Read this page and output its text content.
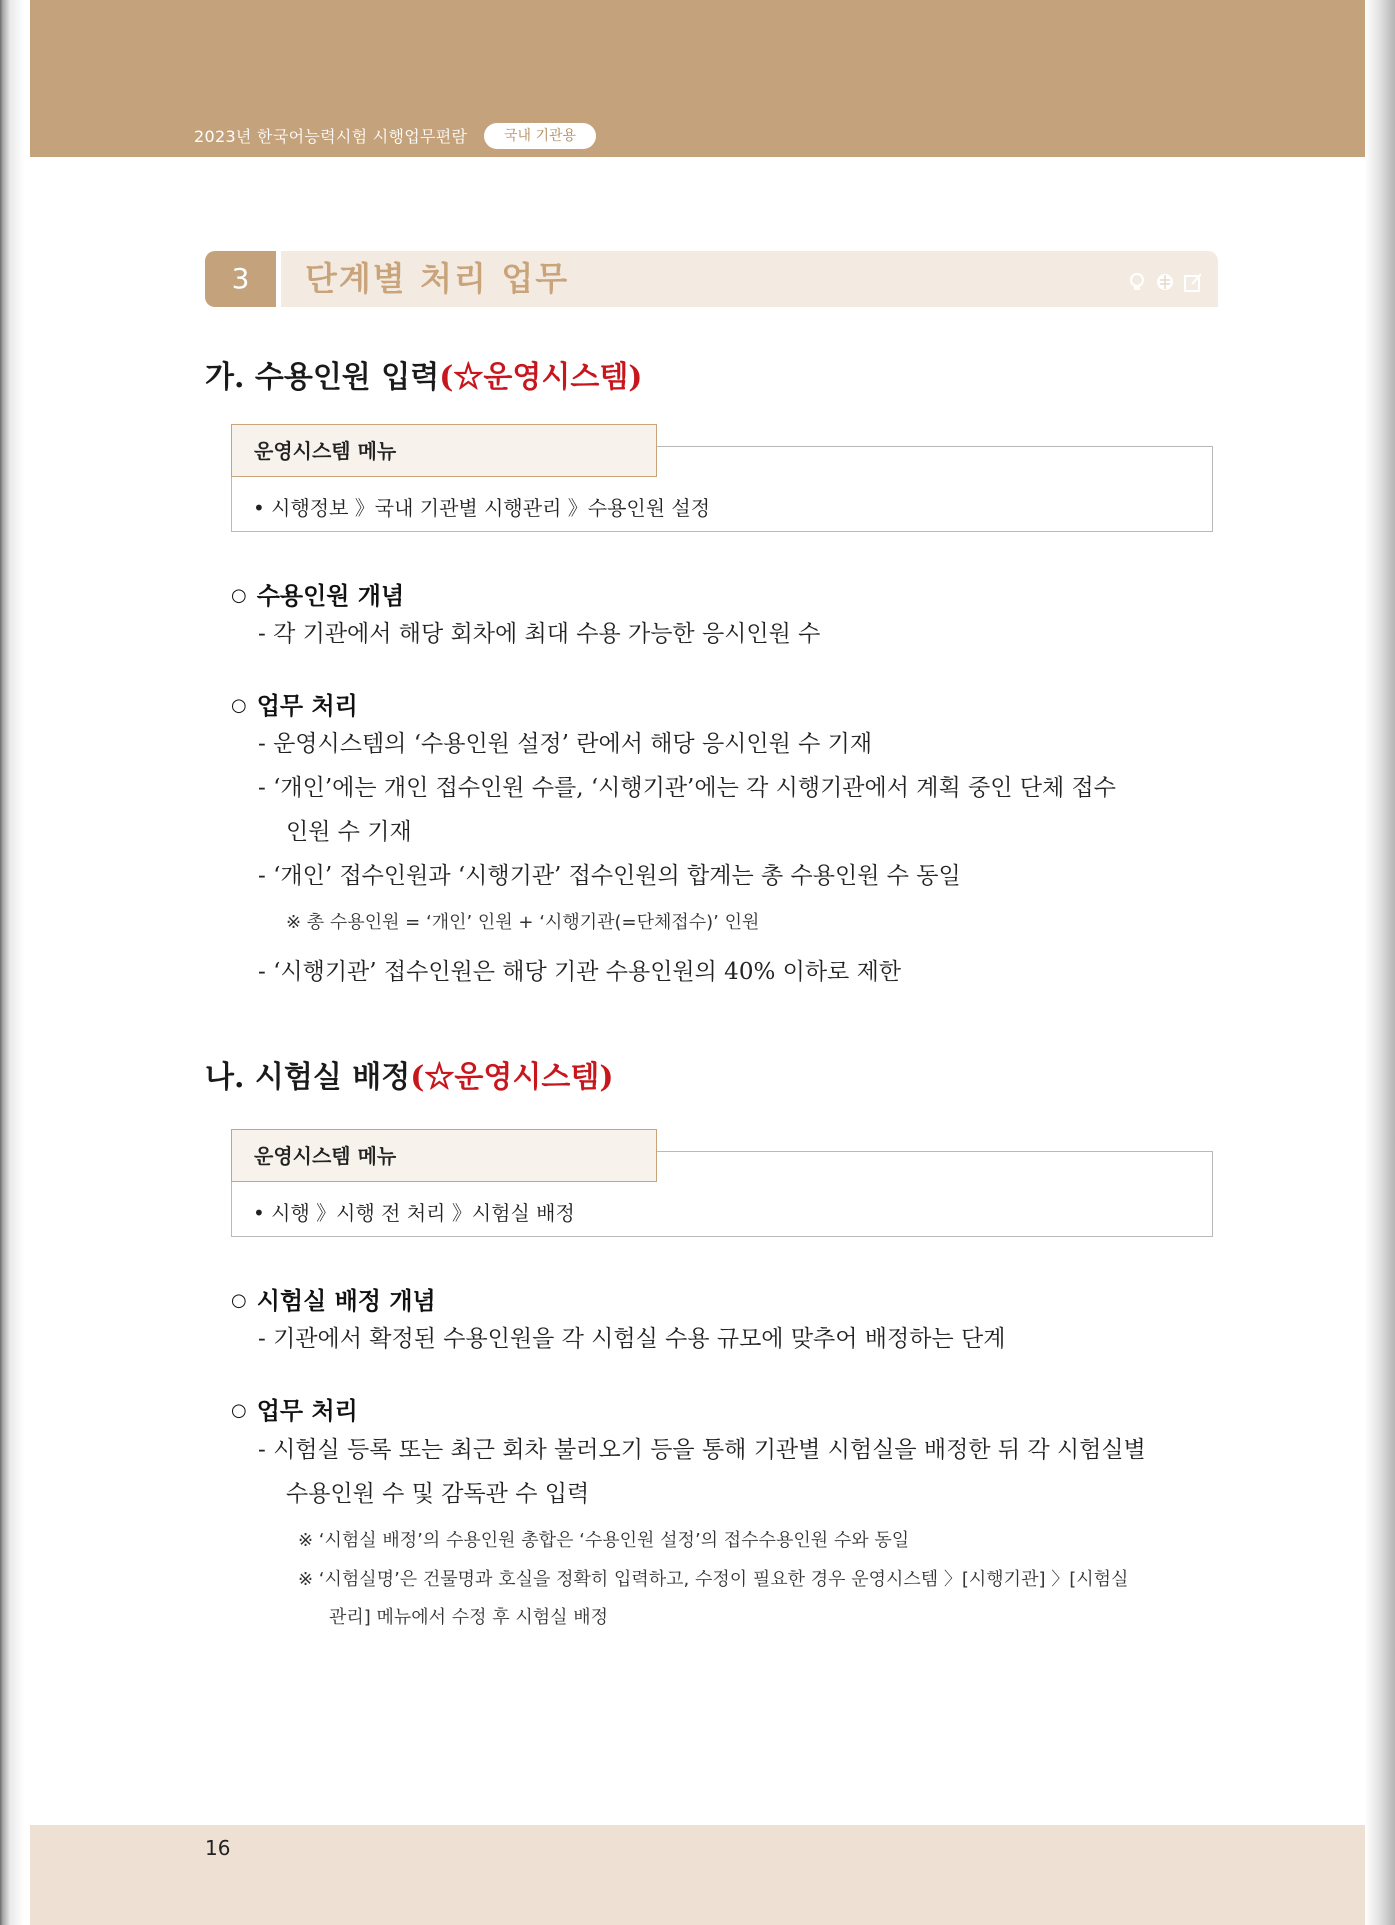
2023년 한국어능력시험 시행업무편람	국내 기관용
3	단계별 처리 업무
가. 수용인원 입력(☆운영시스템)
운영시스템 메뉴
• 시행정보 》국내 기관별 시행관리 》수용인원 설정
○ 수용인원 개념
- 각 기관에서 해당 회차에 최대 수용 가능한 응시인원 수
○ 업무 처리
- 운영시스템의 ‘수용인원 설정’ 란에서 해당 응시인원 수 기재
- ‘개인’에는 개인 접수인원 수를, ‘시행기관’에는 각 시행기관에서 계획 중인 단체 접수
인원 수 기재
- ‘개인’ 접수인원과 ‘시행기관’ 접수인원의 합계는 총 수용인원 수 동일
※ 총 수용인원 = ‘개인’ 인원 + ‘시행기관(=단체접수)’ 인원
- ‘시행기관’ 접수인원은 해당 기관 수용인원의 40% 이하로 제한
나. 시험실 배정(☆운영시스템)
운영시스템 메뉴
• 시행 》시행 전 처리 》시험실 배정
○ 시험실 배정 개념
- 기관에서 확정된 수용인원을 각 시험실 수용 규모에 맞추어 배정하는 단계
○ 업무 처리
- 시험실 등록 또는 최근 회차 불러오기 등을 통해 기관별 시험실을 배정한 뒤 각 시험실별
수용인원 수 및 감독관 수 입력
※ ‘시험실 배정’의 수용인원 총합은 ‘수용인원 설정’의 접수수용인원 수와 동일
※ ‘시험실명’은 건물명과 호실을 정확히 입력하고, 수정이 필요한 경우 운영시스템 〉[시행기관] 〉[시험실
관리] 메뉴에서 수정 후 시험실 배정
16
